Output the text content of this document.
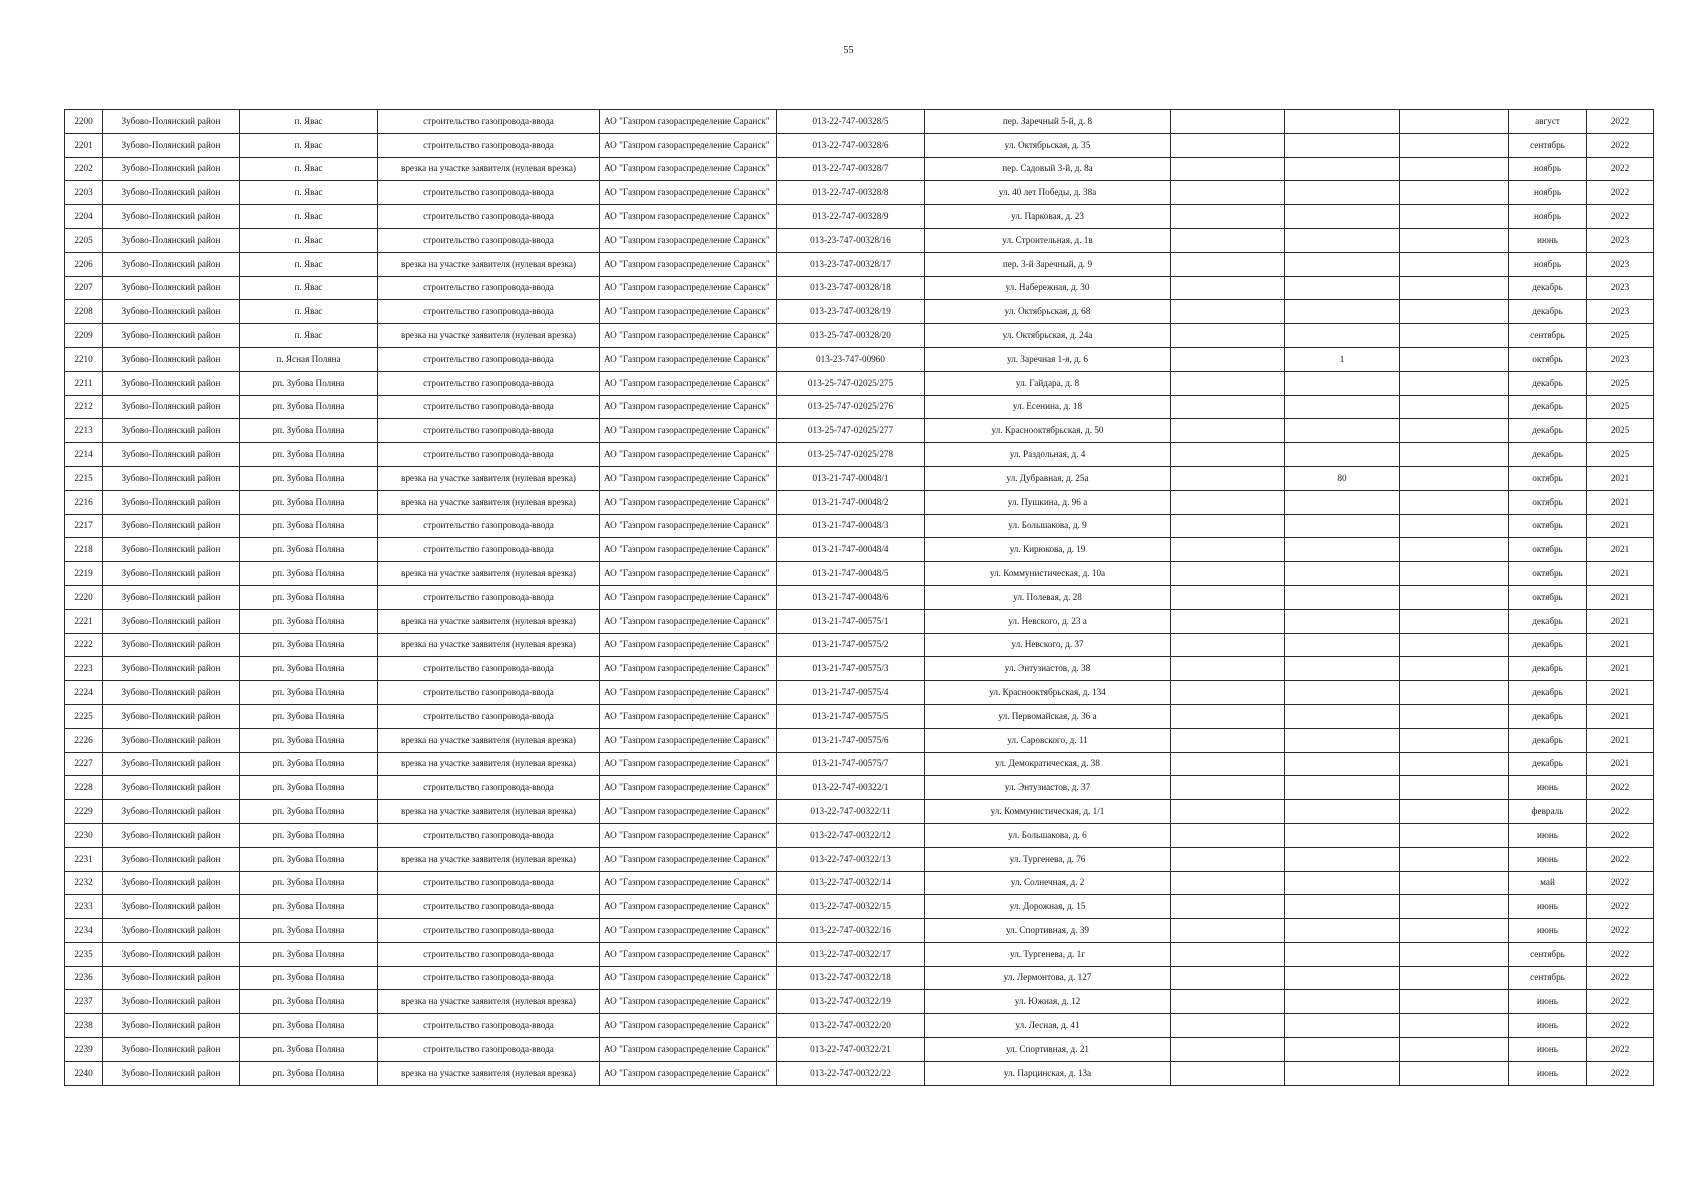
55
2200	Зубово-Полянский район	п. Явас	строительство газопровода-ввода	АО "Газпром газораспределение Саранск"	013-22-747-00328/5	пер. Заречный 5-й, д. 8				август	2022
2201	Зубово-Полянский район	п. Явас	строительство газопровода-ввода	АО "Газпром газораспределение Саранск"	013-22-747-00328/6	ул. Октябрьская, д. 35				сентябрь	2022
2202	Зубово-Полянский район	п. Явас	врезка на участке заявителя (нулевая врезка)	АО "Газпром газораспределение Саранск"	013-22-747-00328/7	пер. Садовый 3-й, д. 8а				ноябрь	2022
2203	Зубово-Полянский район	п. Явас	строительство газопровода-ввода	АО "Газпром газораспределение Саранск"	013-22-747-00328/8	ул. 40 лет Победы, д. 38а				ноябрь	2022
2204	Зубово-Полянский район	п. Явас	строительство газопровода-ввода	АО "Газпром газораспределение Саранск"	013-22-747-00328/9	ул. Парковая, д. 23				ноябрь	2022
2205	Зубово-Полянский район	п. Явас	строительство газопровода-ввода	АО "Газпром газораспределение Саранск"	013-23-747-00328/16	ул. Строительная, д. 1в				июнь	2023
2206	Зубово-Полянский район	п. Явас	врезка на участке заявителя (нулевая врезка)	АО "Газпром газораспределение Саранск"	013-23-747-00328/17	пер. 3-й Заречный, д. 9				ноябрь	2023
2207	Зубово-Полянский район	п. Явас	строительство газопровода-ввода	АО "Газпром газораспределение Саранск"	013-23-747-00328/18	ул. Набережная, д. 30				декабрь	2023
2208	Зубово-Полянский район	п. Явас	строительство газопровода-ввода	АО "Газпром газораспределение Саранск"	013-23-747-00328/19	ул. Октябрьская, д. 68				декабрь	2023
2209	Зубово-Полянский район	п. Явас	врезка на участке заявителя (нулевая врезка)	АО "Газпром газораспределение Саранск"	013-25-747-00328/20	ул. Октябрьская, д. 24а				сентябрь	2025
2210	Зубово-Полянский район	п. Ясная Поляна	строительство газопровода-ввода	АО "Газпром газораспределение Саранск"	013-23-747-00960	ул. Заречная 1-я, д. 6		1		октябрь	2023
2211	Зубово-Полянский район	рп. Зубова Поляна	строительство газопровода-ввода	АО "Газпром газораспределение Саранск"	013-25-747-02025/275	ул. Гайдара, д. 8				декабрь	2025
2212	Зубово-Полянский район	рп. Зубова Поляна	строительство газопровода-ввода	АО "Газпром газораспределение Саранск"	013-25-747-02025/276	ул. Есенина, д. 18				декабрь	2025
2213	Зубово-Полянский район	рп. Зубова Поляна	строительство газопровода-ввода	АО "Газпром газораспределение Саранск"	013-25-747-02025/277	ул. Краснооктябрьская, д. 50				декабрь	2025
2214	Зубово-Полянский район	рп. Зубова Поляна	строительство газопровода-ввода	АО "Газпром газораспределение Саранск"	013-25-747-02025/278	ул. Раздольная, д. 4				декабрь	2025
2215	Зубово-Полянский район	рп. Зубова Поляна	врезка на участке заявителя (нулевая врезка)	АО "Газпром газораспределение Саранск"	013-21-747-00048/1	ул. Дубравная, д. 25а		80		октябрь	2021
2216	Зубово-Полянский район	рп. Зубова Поляна	врезка на участке заявителя (нулевая врезка)	АО "Газпром газораспределение Саранск"	013-21-747-00048/2	ул. Пушкина, д. 96 а				октябрь	2021
2217	Зубово-Полянский район	рп. Зубова Поляна	строительство газопровода-ввода	АО "Газпром газораспределение Саранск"	013-21-747-00048/3	ул. Большакова, д. 9				октябрь	2021
2218	Зубово-Полянский район	рп. Зубова Поляна	строительство газопровода-ввода	АО "Газпром газораспределение Саранск"	013-21-747-00048/4	ул. Кирюкова, д. 19				октябрь	2021
2219	Зубово-Полянский район	рп. Зубова Поляна	врезка на участке заявителя (нулевая врезка)	АО "Газпром газораспределение Саранск"	013-21-747-00048/5	ул. Коммунистическая, д. 10а				октябрь	2021
2220	Зубово-Полянский район	рп. Зубова Поляна	строительство газопровода-ввода	АО "Газпром газораспределение Саранск"	013-21-747-00048/6	ул. Полевая, д. 28				октябрь	2021
2221	Зубово-Полянский район	рп. Зубова Поляна	врезка на участке заявителя (нулевая врезка)	АО "Газпром газораспределение Саранск"	013-21-747-00575/1	ул. Невского, д. 23 а				декабрь	2021
2222	Зубово-Полянский район	рп. Зубова Поляна	врезка на участке заявителя (нулевая врезка)	АО "Газпром газораспределение Саранск"	013-21-747-00575/2	ул. Невского, д. 37				декабрь	2021
2223	Зубово-Полянский район	рп. Зубова Поляна	строительство газопровода-ввода	АО "Газпром газораспределение Саранск"	013-21-747-00575/3	ул. Энтузиастов, д. 38				декабрь	2021
2224	Зубово-Полянский район	рп. Зубова Поляна	строительство газопровода-ввода	АО "Газпром газораспределение Саранск"	013-21-747-00575/4	ул. Краснооктябрьская, д. 134				декабрь	2021
2225	Зубово-Полянский район	рп. Зубова Поляна	строительство газопровода-ввода	АО "Газпром газораспределение Саранск"	013-21-747-00575/5	ул. Первомайская, д. 36 а				декабрь	2021
2226	Зубово-Полянский район	рп. Зубова Поляна	врезка на участке заявителя (нулевая врезка)	АО "Газпром газораспределение Саранск"	013-21-747-00575/6	ул. Саровского, д. 11				декабрь	2021
2227	Зубово-Полянский район	рп. Зубова Поляна	врезка на участке заявителя (нулевая врезка)	АО "Газпром газораспределение Саранск"	013-21-747-00575/7	ул. Демократическая, д. 38				декабрь	2021
2228	Зубово-Полянский район	рп. Зубова Поляна	строительство газопровода-ввода	АО "Газпром газораспределение Саранск"	013-22-747-00322/1	ул. Энтузиастов, д. 37				июнь	2022
2229	Зубово-Полянский район	рп. Зубова Поляна	врезка на участке заявителя (нулевая врезка)	АО "Газпром газораспределение Саранск"	013-22-747-00322/11	ул. Коммунистическая, д. 1/1				февраль	2022
2230	Зубово-Полянский район	рп. Зубова Поляна	строительство газопровода-ввода	АО "Газпром газораспределение Саранск"	013-22-747-00322/12	ул. Большакова, д. 6				июнь	2022
2231	Зубово-Полянский район	рп. Зубова Поляна	врезка на участке заявителя (нулевая врезка)	АО "Газпром газораспределение Саранск"	013-22-747-00322/13	ул. Тургенева, д. 76				июнь	2022
2232	Зубово-Полянский район	рп. Зубова Поляна	строительство газопровода-ввода	АО "Газпром газораспределение Саранск"	013-22-747-00322/14	ул. Солнечная, д. 2				май	2022
2233	Зубово-Полянский район	рп. Зубова Поляна	строительство газопровода-ввода	АО "Газпром газораспределение Саранск"	013-22-747-00322/15	ул. Дорожная, д. 15				июнь	2022
2234	Зубово-Полянский район	рп. Зубова Поляна	строительство газопровода-ввода	АО "Газпром газораспределение Саранск"	013-22-747-00322/16	ул. Спортивная, д. 39				июнь	2022
2235	Зубово-Полянский район	рп. Зубова Поляна	строительство газопровода-ввода	АО "Газпром газораспределение Саранск"	013-22-747-00322/17	ул. Тургенева, д. 1г				сентябрь	2022
2236	Зубово-Полянский район	рп. Зубова Поляна	строительство газопровода-ввода	АО "Газпром газораспределение Саранск"	013-22-747-00322/18	ул. Лермонтова, д. 127				сентябрь	2022
2237	Зубово-Полянский район	рп. Зубова Поляна	врезка на участке заявителя (нулевая врезка)	АО "Газпром газораспределение Саранск"	013-22-747-00322/19	ул. Южная, д. 12				июнь	2022
2238	Зубово-Полянский район	рп. Зубова Поляна	строительство газопровода-ввода	АО "Газпром газораспределение Саранск"	013-22-747-00322/20	ул. Лесная, д. 41				июнь	2022
2239	Зубово-Полянский район	рп. Зубова Поляна	строительство газопровода-ввода	АО "Газпром газораспределение Саранск"	013-22-747-00322/21	ул. Спортивная, д. 21				июнь	2022
2240	Зубово-Полянский район	рп. Зубова Поляна	врезка на участке заявителя (нулевая врезка)	АО "Газпром газораспределение Саранск"	013-22-747-00322/22	ул. Парцинская, д. 13а				июнь	2022
